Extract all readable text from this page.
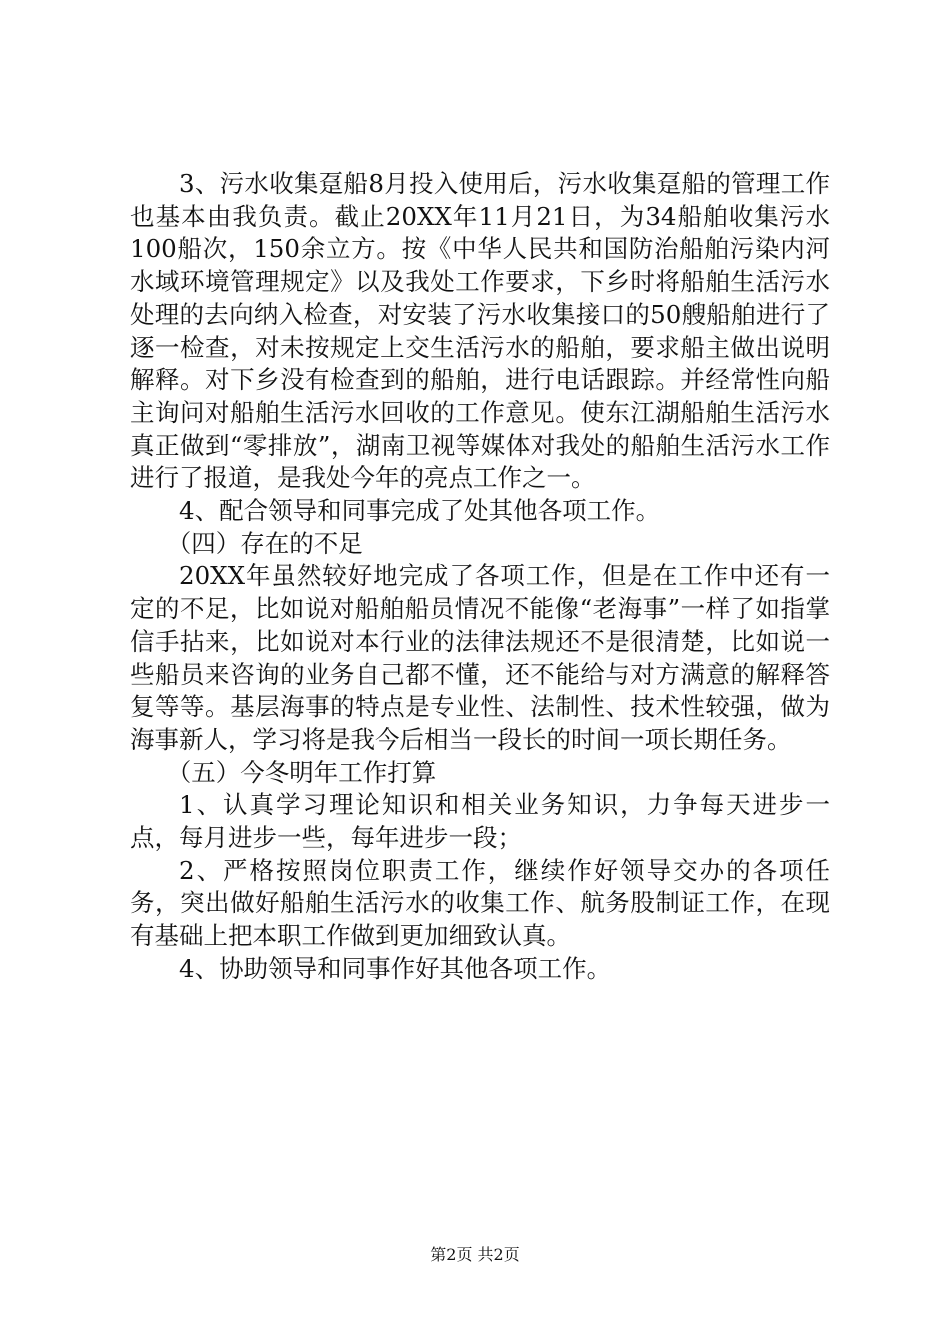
3、污水收集趸船8月投入使用后，污水收集趸船的管理工作也基本由我负责。截止20XX年11月21日，为34船舶收集污水100船次，150余立方。按《中华人民共和国防治船舶污染内河水域环境管理规定》以及我处工作要求，下乡时将船舶生活污水处理的去向纳入检查，对安装了污水收集接口的50艘船舶进行了逐一检查，对未按规定上交生活污水的船舶，要求船主做出说明解释。对下乡没有检查到的船舶，进行电话跟踪。并经常性向船主询问对船舶生活污水回收的工作意见。使东江湖船舶生活污水真正做到“零排放”，湖南卫视等媒体对我处的船舶生活污水工作进行了报道，是我处今年的亮点工作之一。

4、配合领导和同事完成了处其他各项工作。

（四）存在的不足

20XX年虽然较好地完成了各项工作，但是在工作中还有一定的不足，比如说对船舶船员情况不能像“老海事”一样了如指掌信手拈来，比如说对本行业的法律法规还不是很清楚，比如说一些船员来咨询的业务自己都不懂，还不能给与对方满意的解释答复等等。基层海事的特点是专业性、法制性、技术性较强，做为海事新人，学习将是我今后相当一段长的时间一项长期任务。

（五）今冬明年工作打算

1、认真学习理论知识和相关业务知识，力争每天进步一点，每月进步一些，每年进步一段；

2、严格按照岗位职责工作，继续作好领导交办的各项任务，突出做好船舶生活污水的收集工作、航务股制证工作，在现有基础上把本职工作做到更加细致认真。

4、协助领导和同事作好其他各项工作。

第2页 共2页
